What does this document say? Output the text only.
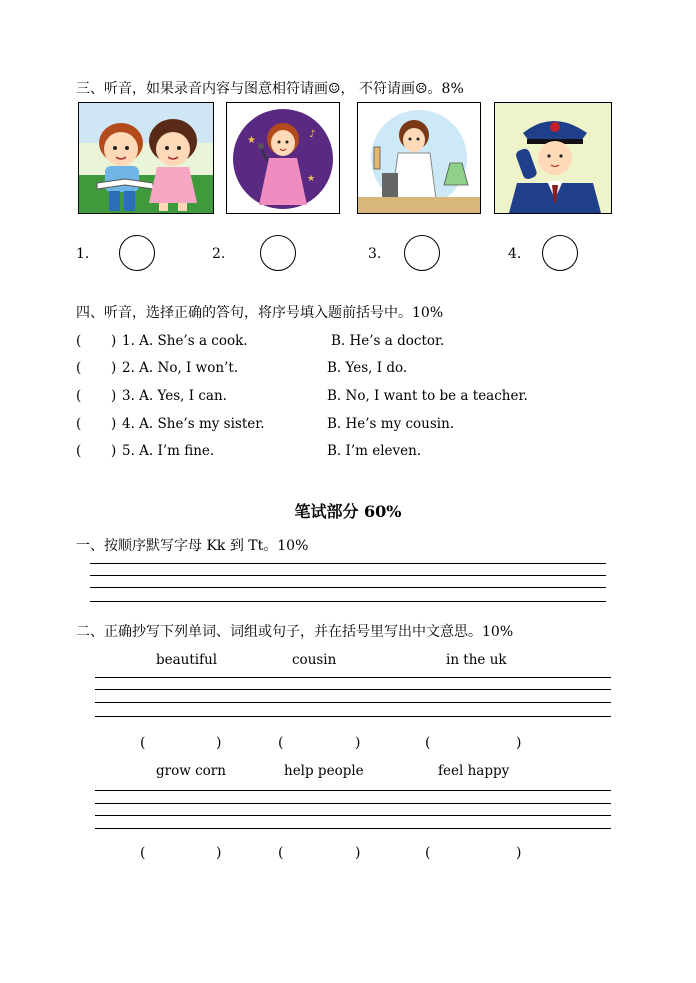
三、听音，如果录音内容与图意相符请画☺， 不符请画☹。8%
★
♪
★
1.	2.	3.	4.
四、听音，选择正确的答句，将序号填入题前括号中。10%
( ) 1. A. She’s a cook.	B. He’s a doctor.
( ) 2. A. No, I won’t.	B. Yes, I do.
( ) 3. A. Yes, I can.	B. No, I want to be a teacher.
( ) 4. A. She’s my sister.	B. He’s my cousin.
( ) 5. A. I’m fine.	B. I’m eleven.
笔试部分 60%
一、按顺序默写字母 Kk 到 Tt。10%
二、正确抄写下列单词、词组或句子，并在括号里写出中文意思。10%
beautiful	cousin	in the uk
(	)	(	)	(	)
grow corn	help people	feel happy
(	)	(	)	(	)
